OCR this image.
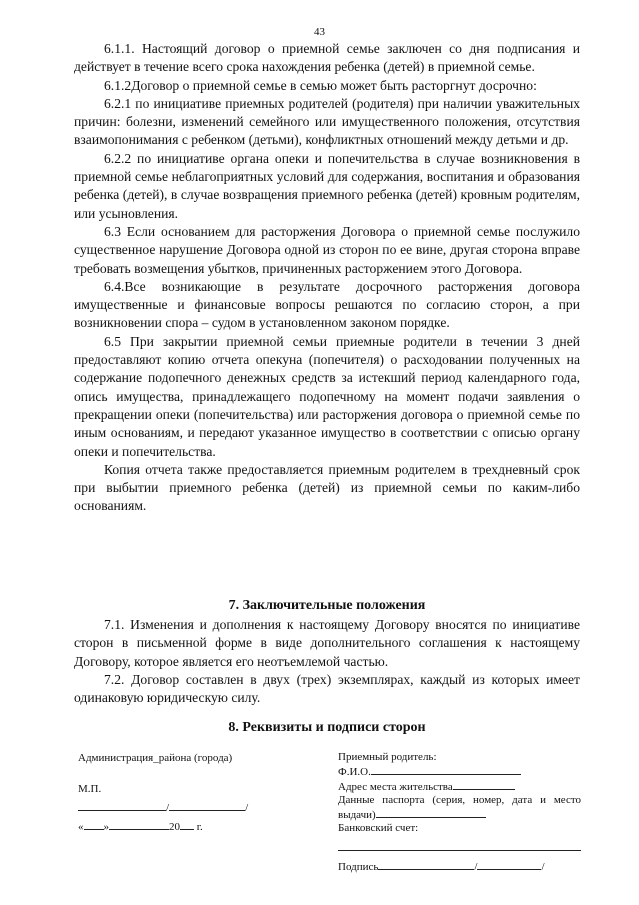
43

6.1.1. Настоящий договор о приемной семье заключен со дня подписания и действует в течение всего срока нахождения ребенка (детей) в приемной семье.

6.1.2Договор о приемной семье в семью может быть расторгнут досрочно:

6.2.1 по инициативе приемных родителей (родителя) при наличии уважительных причин: болезни, изменений семейного или имущественного положения, отсутствия взаимопонимания с ребенком (детьми), конфликтных отношений между детьми и др.

6.2.2 по инициативе органа опеки и попечительства в случае возникновения в приемной семье неблагоприятных условий для содержания, воспитания и образования ребенка (детей), в случае возвращения приемного ребенка (детей) кровным родителям, или усыновления.

6.3 Если основанием для расторжения Договора о приемной семье послужило существенное нарушение Договора одной из сторон по ее вине, другая сторона вправе требовать возмещения убытков, причиненных расторжением этого Договора.

6.4.Все возникающие в результате досрочного расторжения договора имущественные и финансовые вопросы решаются по согласию сторон, а при возникновении спора – судом в установленном законом порядке.

6.5 При закрытии приемной семьи приемные родители в течении 3 дней предоставляют копию отчета опекуна (попечителя) о расходовании полученных на содержание подопечного денежных средств за истекший период календарного года, опись имущества, принадлежащего подопечному на момент подачи заявления о прекращении опеки (попечительства) или расторжения договора о приемной семье по иным основаниям, и передают указанное имущество в соответствии с описью органу опеки и попечительства.

Копия отчета также предоставляется приемным родителем в трехдневный срок при выбытии приемного ребенка (детей) из приемной семьи по каким-либо основаниям.

7. Заключительные положения

7.1. Изменения и дополнения к настоящему Договору вносятся по инициативе сторон в письменной форме в виде дополнительного соглашения к настоящему Договору, которое является его неотъемлемой частью.

7.2. Договор составлен в двух (трех) экземплярах, каждый из которых имеет одинаковую юридическую силу.

8. Реквизиты и подписи сторон
Администрация_района (города)
М.П.
/	/
« »	20 г.
Приемный родитель:
Ф.И.О.
Адрес места жительства
Данные паспорта (серия, номер, дата и место выдачи)
Банковский счет:
Подпись	/	/
